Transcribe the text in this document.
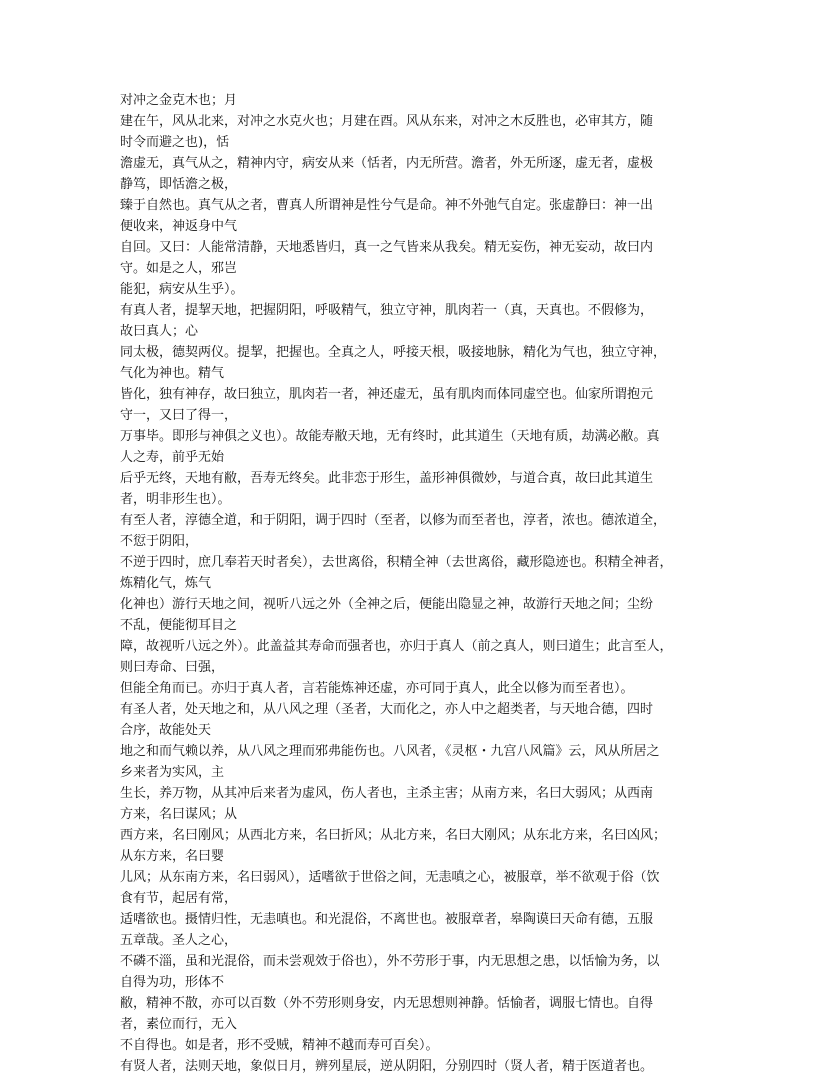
对冲之金克木也；月
建在午，风从北来，对冲之水克火也；月建在酉。风从东来，对冲之木反胜也，必审其方，随
时令而避之也)，恬
澹虚无，真气从之，精神内守，病安从来（恬者，内无所营。澹者，外无所逐，虚无者，虚极
静笃，即恬澹之极，
臻于自然也。真气从之者，曹真人所谓神是性兮气是命。神不外弛气自定。张虚静曰：神一出
便收来，神返身中气
自回。又曰：人能常清静，天地悉皆归，真一之气皆来从我矣。精无妄伤，神无妄动，故曰内
守。如是之人，邪岂
能犯，病安从生乎）。
有真人者，提挈天地，把握阴阳，呼吸精气，独立守神，肌肉若一（真，天真也。不假修为，
故曰真人；心
同太极，德契两仪。提挈，把握也。全真之人，呼接天根，吸接地脉，精化为气也，独立守神，
气化为神也。精气
皆化，独有神存，故曰独立，肌肉若一者，神还虚无，虽有肌肉而体同虚空也。仙家所谓抱元
守一，又曰了得一，
万事毕。即形与神俱之义也）。故能寿敝天地，无有终时，此其道生（天地有质，劫满必敝。真
人之寿，前乎无始
后乎无终，天地有敝，吾寿无终矣。此非恋于形生，盖形神俱微妙，与道合真，故曰此其道生
者，明非形生也）。
有至人者，淳德全道，和于阴阳，调于四时（至者，以修为而至者也，淳者，浓也。德浓道全，
不愆于阴阳，
不逆于四时，庶几奉若天时者矣），去世离俗，积精全神（去世离俗，藏形隐迹也。积精全神者，
炼精化气，炼气
化神也）游行天地之间，视听八远之外（全神之后，便能出隐显之神，故游行天地之间；尘纷
不乱，便能彻耳目之
障，故视听八远之外）。此盖益其寿命而强者也，亦归于真人（前之真人，则曰道生；此言至人，
则曰寿命、曰强，
但能全角而已。亦归于真人者，言若能炼神还虚，亦可同于真人，此全以修为而至者也）。
有圣人者，处天地之和，从八风之理（圣者，大而化之，亦人中之超类者，与天地合德，四时
合序，故能处天
地之和而气赖以养，从八风之理而邪弗能伤也。八风者，《灵枢・九宫八风篇》云，风从所居之
乡来者为实风，主
生长，养万物，从其冲后来者为虚风，伤人者也，主杀主害；从南方来，名曰大弱风；从西南
方来，名曰谋风；从
西方来，名曰刚风；从西北方来，名曰折风；从北方来，名曰大刚风；从东北方来，名曰凶风；
从东方来，名曰婴
儿风；从东南方来，名曰弱风），适嗜欲于世俗之间，无恚嗔之心，被服章，举不欲观于俗（饮
食有节，起居有常，
适嗜欲也。摄情归性，无恚嗔也。和光混俗，不离世也。被服章者，皋陶谟曰天命有德，五服
五章哉。圣人之心，
不磷不淄，虽和光混俗，而未尝观效于俗也），外不劳形于事，内无思想之患，以恬愉为务，以
自得为功，形体不
敝，精神不散，亦可以百数（外不劳形则身安，内无思想则神静。恬愉者，调服七情也。自得
者，素位而行，无入
不自得也。如是者，形不受贼，精神不越而寿可百矣）。
有贤人者，法则天地，象似日月，辨列星辰，逆从阴阳，分别四时（贤人者，精于医道者也。
